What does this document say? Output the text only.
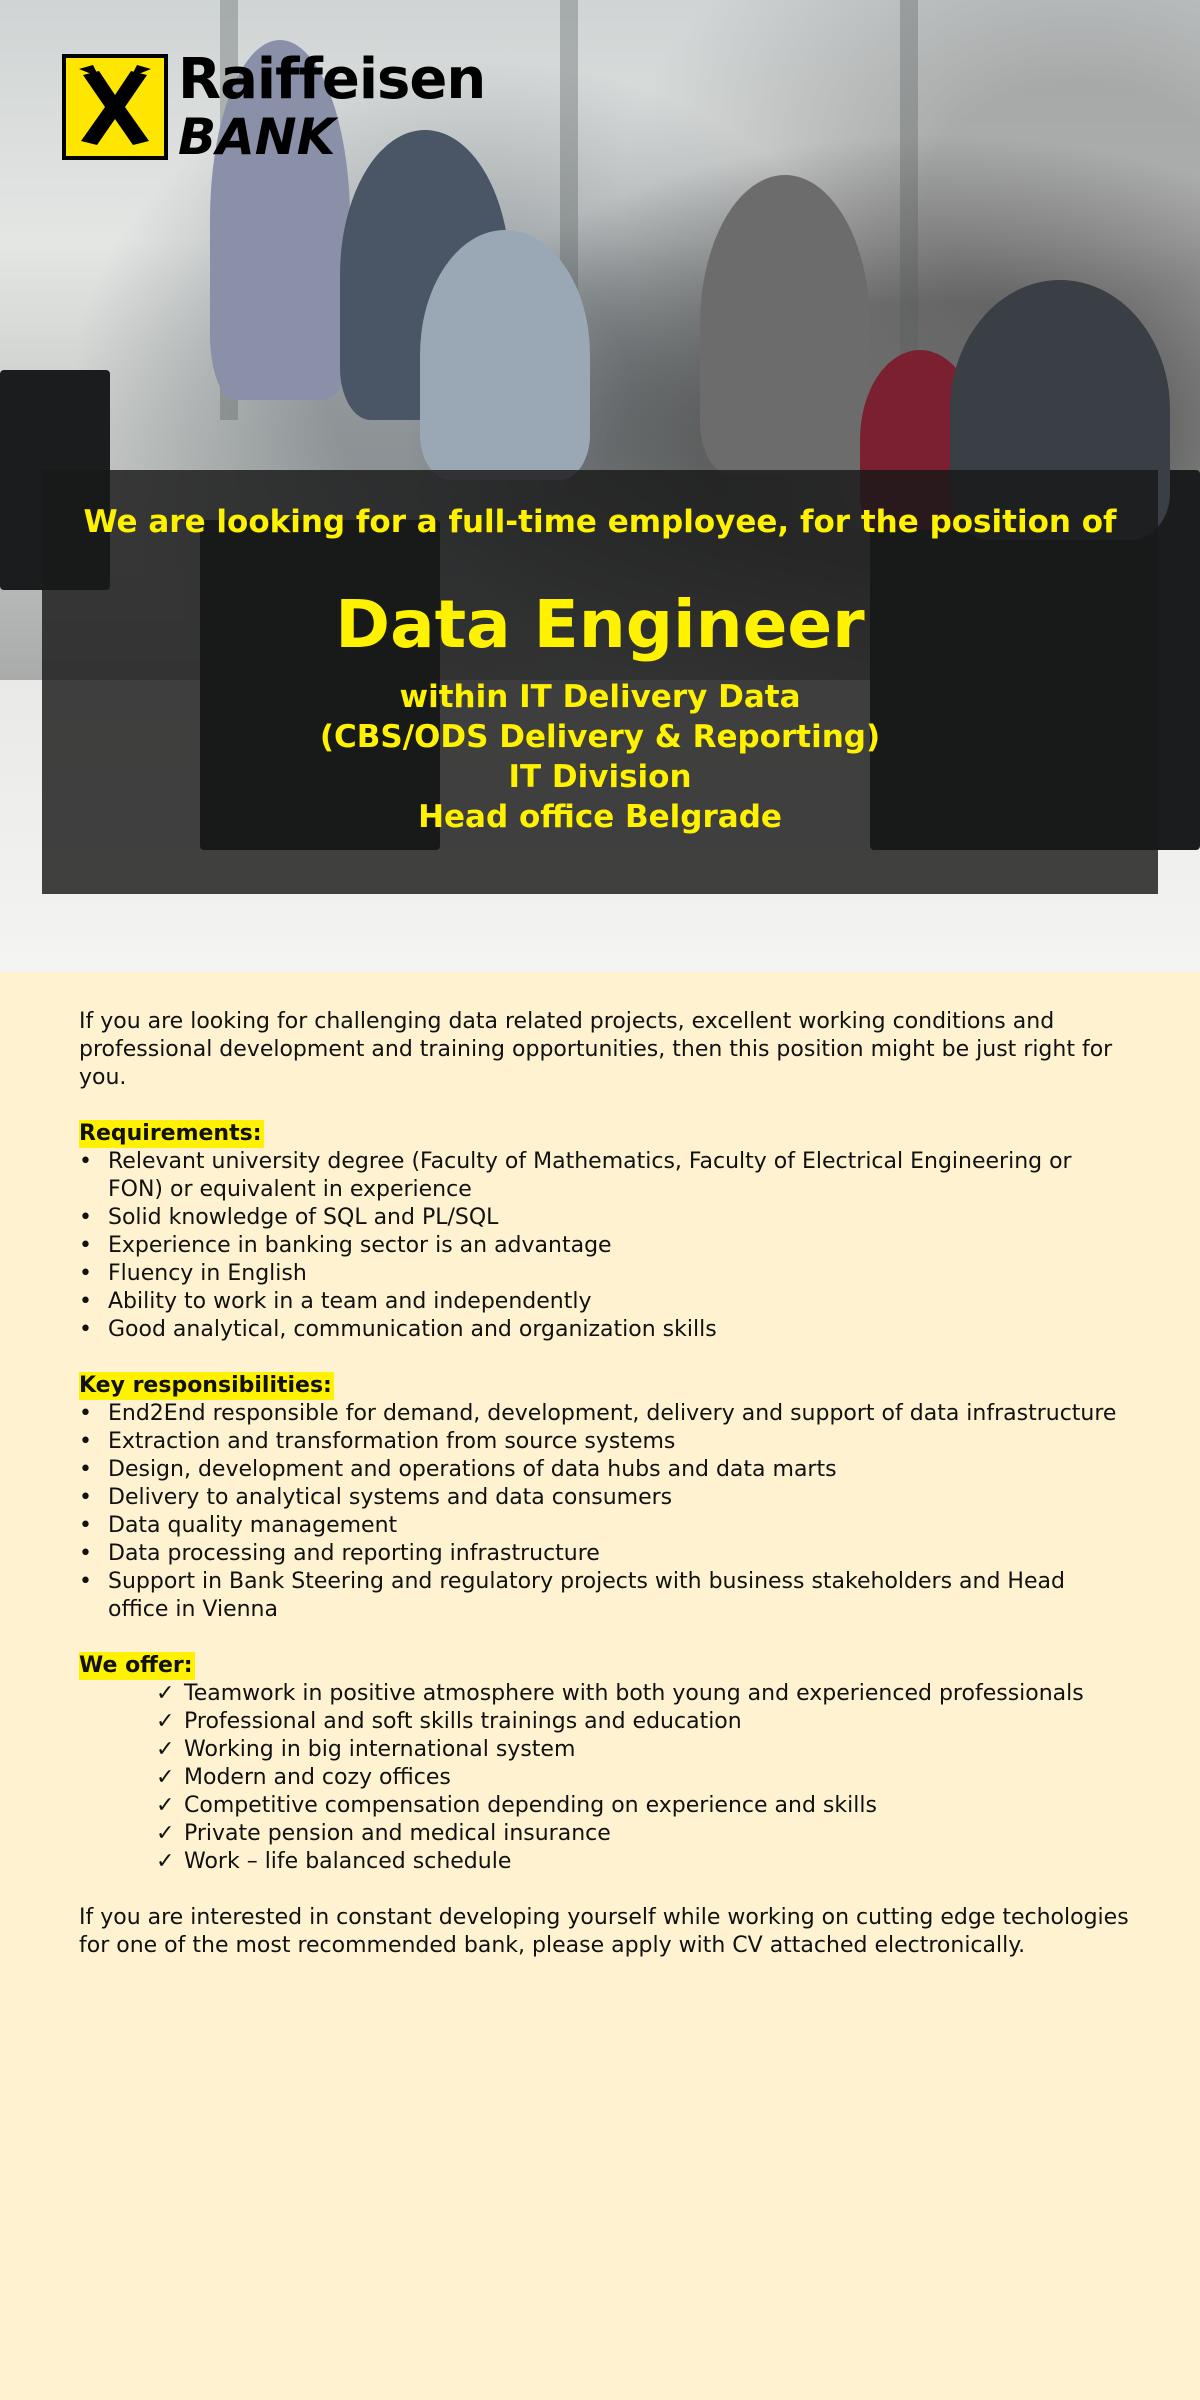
Raiffeisen
BANK
We are looking for a full-time employee, for the position of
Data Engineer
within IT Delivery Data
(CBS/ODS Delivery & Reporting)
IT Division
Head office Belgrade

If you are looking for challenging data related projects, excellent working conditions and professional development and training opportunities, then this position might be just right for you.

Requirements:
• Relevant university degree (Faculty of Mathematics, Faculty of Electrical Engineering or FON) or equivalent in experience
• Solid knowledge of SQL and PL/SQL
• Experience in banking sector is an advantage
• Fluency in English
• Ability to work in a team and independently
• Good analytical, communication and organization skills
Key responsibilities:
• End2End responsible for demand, development, delivery and support of data infrastructure
• Extraction and transformation from source systems
• Design, development and operations of data hubs and data marts
• Delivery to analytical systems and data consumers
• Data quality management
• Data processing and reporting infrastructure
• Support in Bank Steering and regulatory projects with business stakeholders and Head office in Vienna
We offer:
✓ Teamwork in positive atmosphere with both young and experienced professionals
✓ Professional and soft skills trainings and education
✓ Working in big international system
✓ Modern and cozy offices
✓ Competitive compensation depending on experience and skills
✓ Private pension and medical insurance
✓ Work – life balanced schedule

If you are interested in constant developing yourself while working on cutting edge techologies for one of the most recommended bank, please apply with CV attached electronically.
